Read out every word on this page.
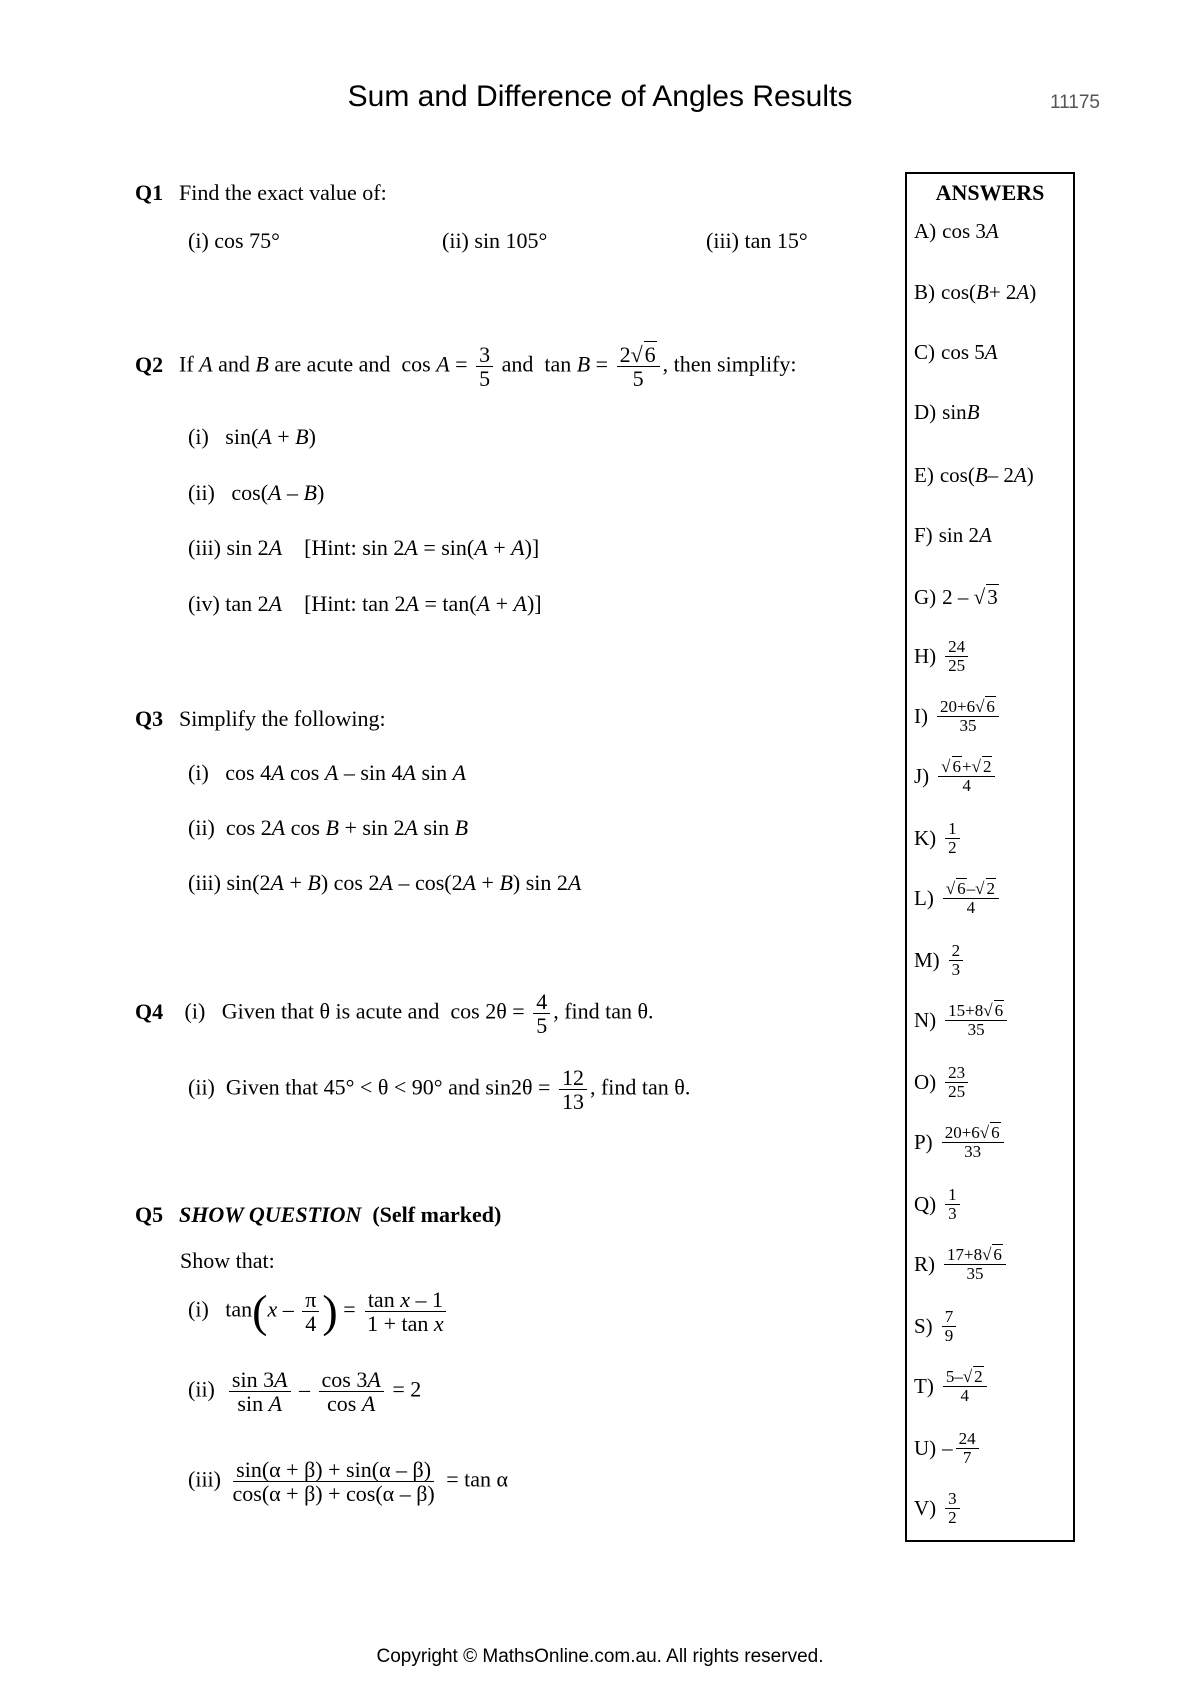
Sum and Difference of Angles Results	11175
Q1 Find the exact value of:
(i) cos 75°	(ii) sin 105°	(iii) tan 15°
Q2 If A and B are acute and  $\cos A = \frac{3}{5}$ and  $\tan B = \frac{2√6}{5}$ , then simplify:
(i)   sin(A + B)
(ii)   cos(A – B)
(iii) sin 2A    [Hint: sin 2A = sin(A + A)]
(iv) tan 2A    [Hint: tan 2A = tan(A + A)]
Q3 Simplify the following:
(i)   cos 4A cos A – sin 4A sin A
(ii)  cos 2A cos B + sin 2A sin B
(iii) sin(2A + B) cos 2A – cos(2A + B) sin 2A
Q4 (i)   Given that θ is acute and  $\cos 2\theta = \frac{4}{5}$ , find tan θ.
(ii)  Given that 45° < θ < 90° and $\sin 2\theta = \frac{12}{13}$ , find tan θ.
Q5 SHOW QUESTION (Self marked)
Show that:
(i)   $\tan(x - \frac{\pi}{4}$ ) = $\frac{\text{tan x – 1}}{\text{1 + tan x}}$
$(ii) \frac{\sin 3A}{\text{sin A}} - \frac{\cos 3A}{\text{cos A}} = 2$
$(iii) \frac{\sin(\alpha + \beta) + \sin(\alpha - \beta)}{\cos(\alpha + \beta) + \cos(\alpha - \beta)} = \tan \alpha$
ANSWERS
A) cos 3 A
B) cos( B + 2 A )
C) cos 5 A
D) sin B
E) cos( B – 2 A )
F) sin 2 A
G) 2 – √ 3
$H) \frac{24}{25}$
$I) \frac{20+6√ 6}{35}$
$J) \frac{√ 6+√ 2}{4}$
$K) \frac{1}{2}$
$L) \frac{√ 6-√ 2}{4}$
$M) \frac{2}{3}$
$N) \frac{15+8√ 6}{35}$
$O) \frac{23}{25}$
$P) \frac{20+6√ 6}{33}$
$Q) \frac{1}{3}$
$R) \frac{17+8√ 6}{35}$
$S) \frac{7}{9}$
$T) \frac{5-√ 2}{4}$
$U) - \frac{24}{7}$
$V) \frac{3}{2}$
Copyright © MathsOnline.com.au. All rights reserved.
